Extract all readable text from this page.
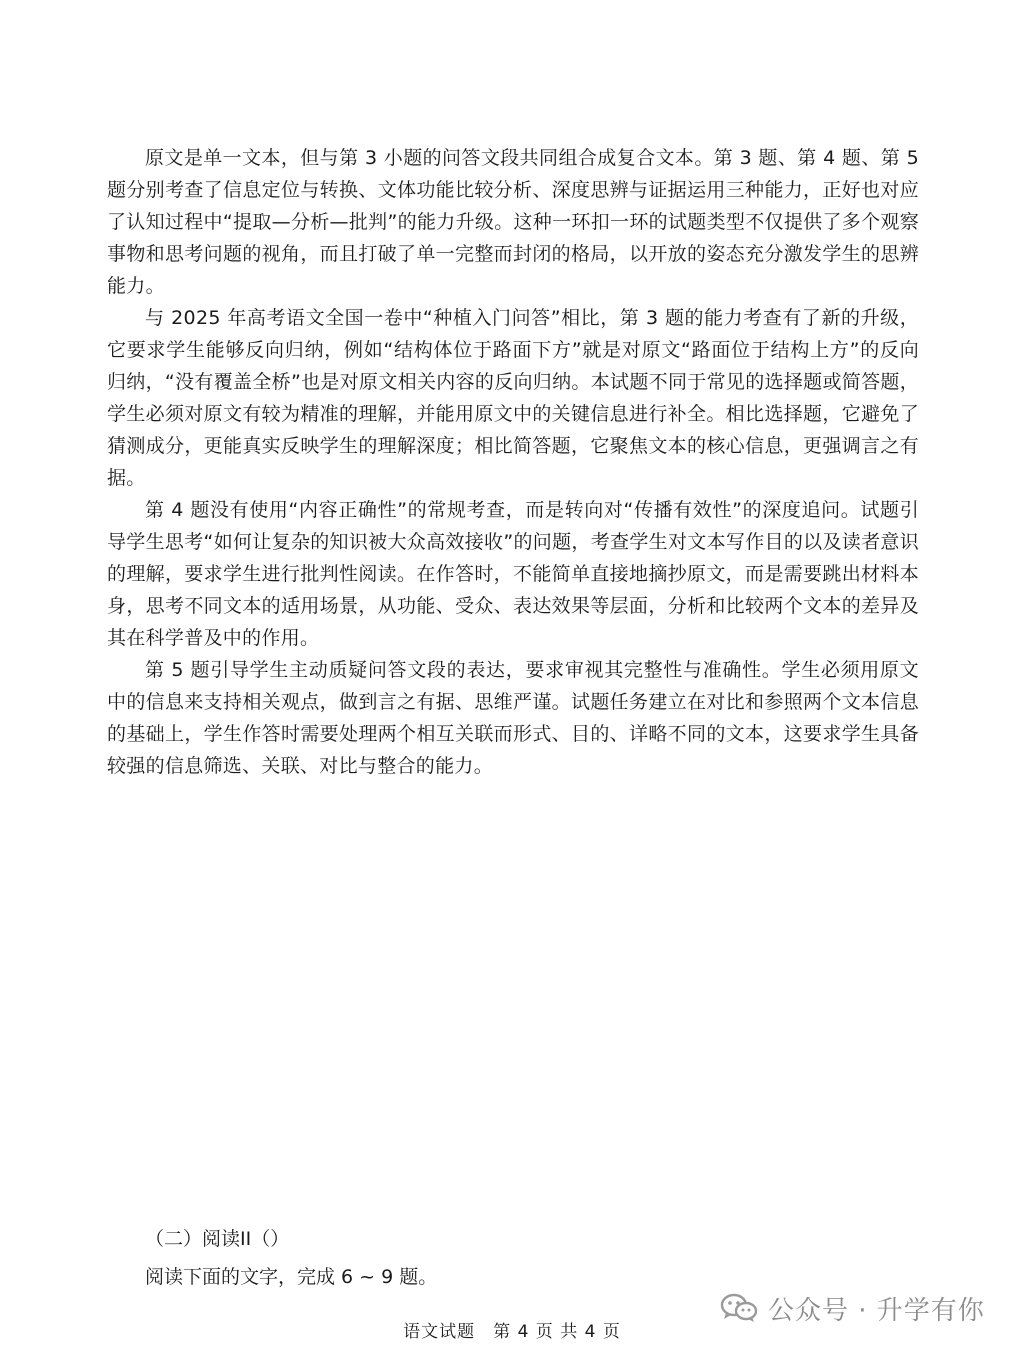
原文是单一文本，但与第 3 小题的问答文段共同组合成复合文本。第 3 题、第 4 题、第 5 题分别考查了信息定位与转换、文体功能比较分析、深度思辨与证据运用三种能力，正好也对应了认知过程中“提取—分析—批判”的能力升级。这种一环扣一环的试题类型不仅提供了多个观察事物和思考问题的视角，而且打破了单一完整而封闭的格局，以开放的姿态充分激发学生的思辨能力。

与 2025 年高考语文全国一卷中“种植入门问答”相比，第 3 题的能力考查有了新的升级，它要求学生能够反向归纳，例如“结构体位于路面下方”就是对原文“路面位于结构上方”的反向归纳，“没有覆盖全桥”也是对原文相关内容的反向归纳。本试题不同于常见的选择题或简答题，学生必须对原文有较为精准的理解，并能用原文中的关键信息进行补全。相比选择题，它避免了猜测成分，更能真实反映学生的理解深度；相比简答题，它聚焦文本的核心信息，更强调言之有据。

第 4 题没有使用“内容正确性”的常规考查，而是转向对“传播有效性”的深度追问。试题引导学生思考“如何让复杂的知识被大众高效接收”的问题，考查学生对文本写作目的以及读者意识的理解，要求学生进行批判性阅读。在作答时，不能简单直接地摘抄原文，而是需要跳出材料本身，思考不同文本的适用场景，从功能、受众、表达效果等层面，分析和比较两个文本的差异及其在科学普及中的作用。

第 5 题引导学生主动质疑问答文段的表达，要求审视其完整性与准确性。学生必须用原文中的信息来支持相关观点，做到言之有据、思维严谨。试题任务建立在对比和参照两个文本信息的基础上，学生作答时需要处理两个相互关联而形式、目的、详略不同的文本，这要求学生具备较强的信息筛选、关联、对比与整合的能力。

（二）阅读II（）

阅读下面的文字，完成 6 ~ 9 题。

公众号 · 升学有你
语文试题　第 4 页 共 4 页
